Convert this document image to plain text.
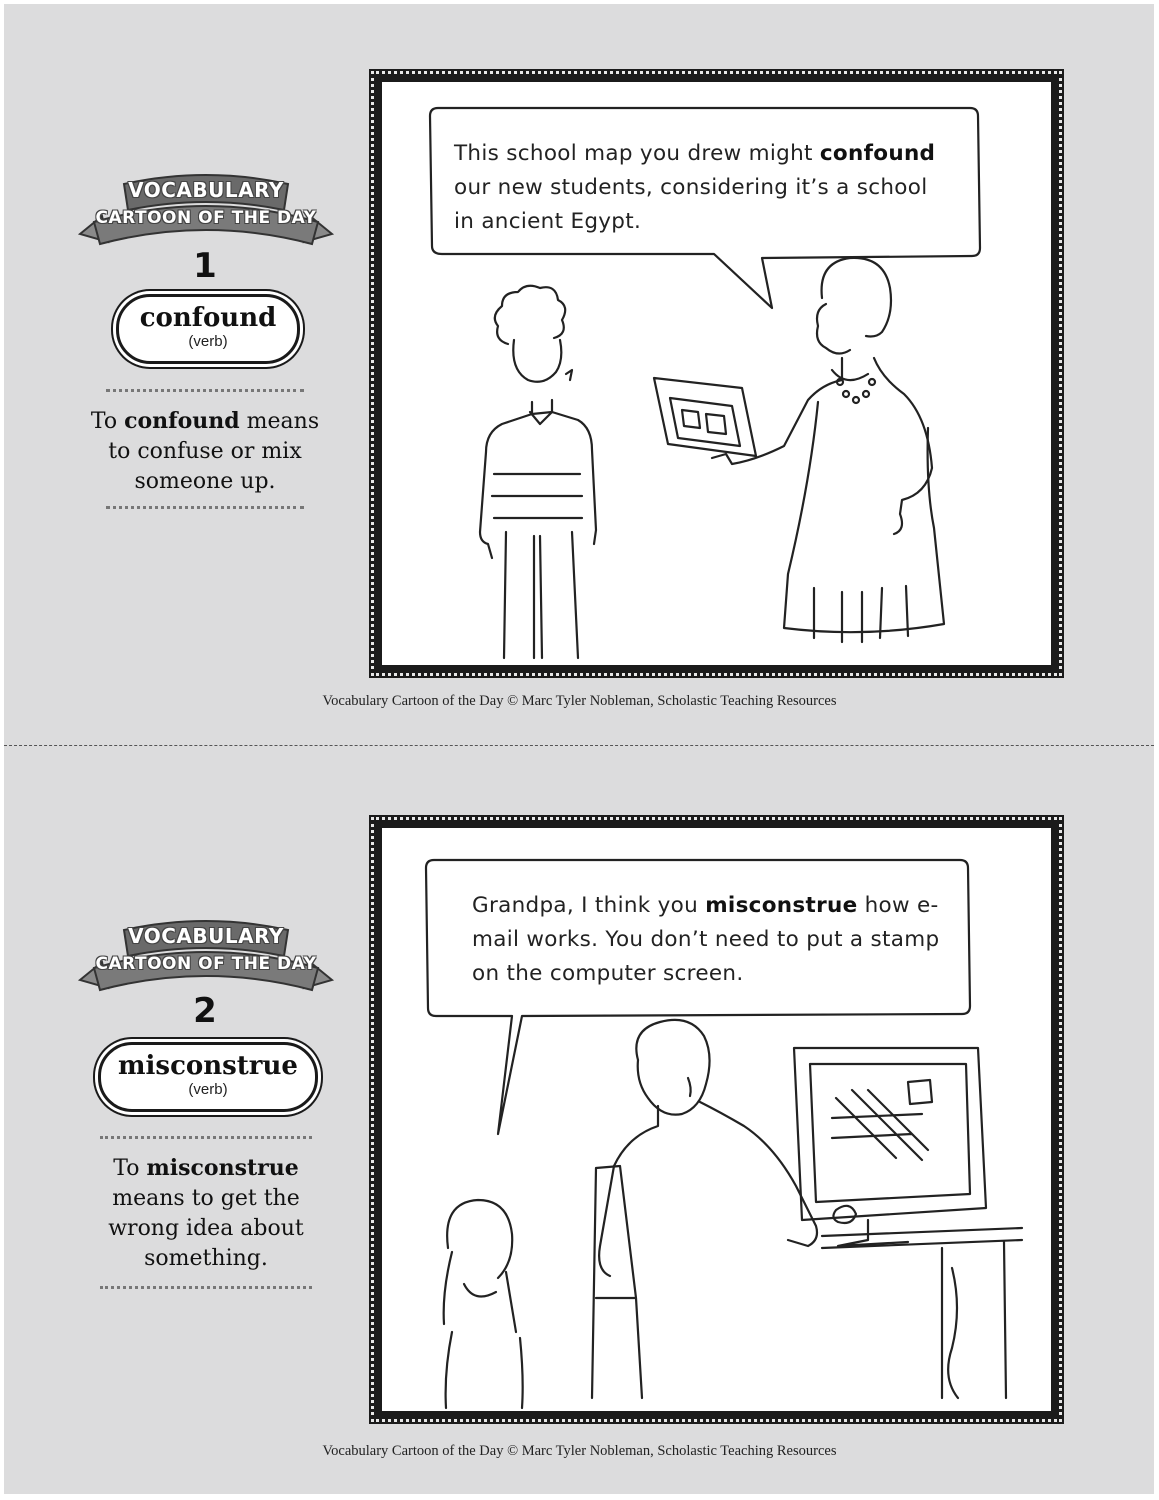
VOCABULARY
CARTOON OF THE DAY
1
confound
(verb)
To confound means to confuse or mix someone up.
This school map you drew might confound our new students, considering it’s a school in ancient Egypt.
Vocabulary Cartoon of the Day © Marc Tyler Nobleman, Scholastic Teaching Resources
VOCABULARY
CARTOON OF THE DAY
2
misconstrue
(verb)
To misconstrue means to get the wrong idea about something.
Grandpa, I think you misconstrue how e-mail works. You don’t need to put a stamp on the computer screen.
Vocabulary Cartoon of the Day © Marc Tyler Nobleman, Scholastic Teaching Resources
